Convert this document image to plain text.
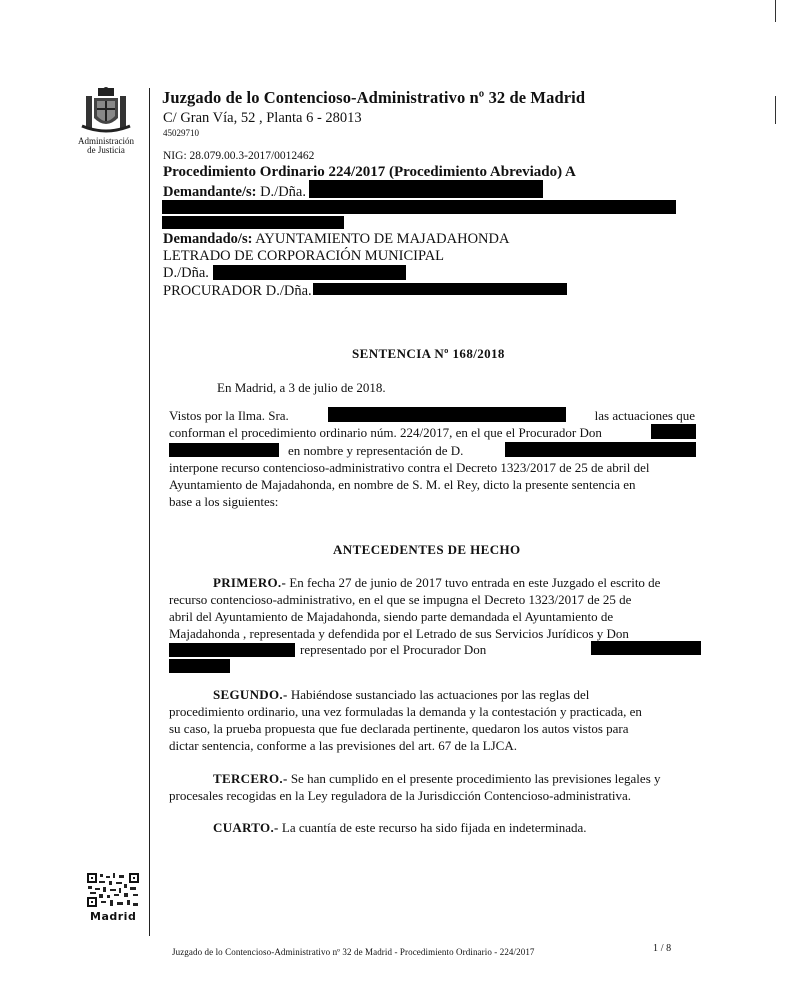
Administración
de Justicia
Juzgado de lo Contencioso-Administrativo nº 32 de Madrid
C/ Gran Vía, 52 , Planta 6 - 28013
45029710
NIG: 28.079.00.3-2017/0012462
Procedimiento Ordinario 224/2017 (Procedimiento Abreviado) A
Demandante/s: D./Dña.
Demandado/s: AYUNTAMIENTO DE MAJADAHONDA
LETRADO DE CORPORACIÓN MUNICIPAL
D./Dña.
PROCURADOR D./Dña.
SENTENCIA Nº 168/2018
En Madrid, a 3 de julio de 2018.
Vistos por la Ilma. Sra.	las actuaciones que
conforman el procedimiento ordinario núm. 224/2017, en el que el Procurador Don
en nombre y representación de D.
interpone recurso contencioso-administrativo contra el Decreto 1323/2017 de 25 de abril del
Ayuntamiento de Majadahonda, en nombre de S. M. el Rey, dicto la presente sentencia en
base a los siguientes:
ANTECEDENTES DE HECHO
PRIMERO.- En fecha 27 de junio de 2017 tuvo entrada en este Juzgado el escrito de
recurso contencioso-administrativo, en el que se impugna el Decreto 1323/2017 de 25 de
abril del Ayuntamiento de Majadahonda, siendo parte demandada el Ayuntamiento de
Majadahonda , representada y defendida por el Letrado de sus Servicios Jurídicos y Don
representado por el Procurador Don
SEGUNDO.- Habiéndose sustanciado las actuaciones por las reglas del
procedimiento ordinario, una vez formuladas la demanda y la contestación y practicada, en
su caso, la prueba propuesta que fue declarada pertinente, quedaron los autos vistos para
dictar sentencia, conforme a las previsiones del art. 67 de la LJCA.
TERCERO.- Se han cumplido en el presente procedimiento las previsiones legales y
procesales recogidas en la Ley reguladora de la Jurisdicción Contencioso-administrativa.
CUARTO.- La cuantía de este recurso ha sido fijada en indeterminada.
Madrid
Juzgado de lo Contencioso-Administrativo nº 32 de Madrid - Procedimiento Ordinario - 224/2017	1 / 8
